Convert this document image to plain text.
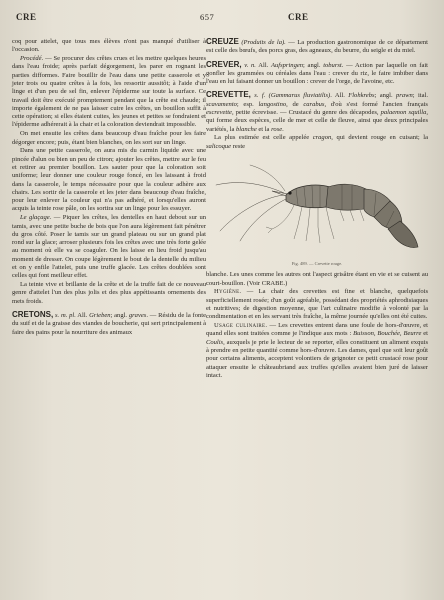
CRE	657	CRE

coq pour attelet, que tous mes élèves n'ont pas manqué d'utiliser à l'occasion.

Procédé. — Se procurer des crêtes crues et les mettre quelques heures dans l'eau froide; après parfait dégorgement, les parer en rognant les parties difformes. Faire bouillir de l'eau dans une petite casserole et y jeter trois ou quatre crêtes à la fois, les ressortir aussitôt; à l'aide d'un linge et d'un peu de sel fin, enlever l'épiderme sur toute la surface. Ce travail doit être exécuté promptement pendant que la crête est chaude; il importe également de ne pas laisser cuire les crêtes, un bouillon suffit à cette opération; si elles étaient cuites, les jeunes et petites se fondraient et l'épiderme adhérerait à la chair et la coloration deviendrait impossible.

On met ensuite les crêtes dans beaucoup d'eau fraîche pour les faire dégorger encore; puis, étant bien blanches, on les sort sur un linge.

Dans une petite casserole, on aura mis du carmin liquide avec une pincée d'alun ou bien un peu de citron; ajouter les crêtes, mettre sur le feu et retirer au premier bouillon. Les sauter pour que la coloration soit uniforme; leur donner une couleur rouge foncé, en les laissant à froid dans la casserole, le temps nécessaire pour que la couleur adhère aux chairs. Les sortir de la casserole et les jeter dans beaucoup d'eau fraîche, pour leur enlever la couleur qui n'a pas adhéré, et lorsqu'elles auront acquis la teinte rose pâle, on les sortira sur un linge pour les essuyer.

Le glaçage. — Piquer les crêtes, les dentelles en haut debout sur un tamis, avec une petite buche de bois que l'on aura légèrement fait pénétrer du gros côté. Poser le tamis sur un grand plateau ou sur un grand plat rond sur la glace; arroser plusieurs fois les crêtes avec une très forte gelée au moment où elle va se coaguler. On les laisse en lieu froid jusqu'au moment de dresser. On coupe légèrement le bout de la dentelle du milieu et on y enfile l'attelet, puis une truffe glacée. Les crêtes doublées sont celles qui font meilleur effet.

La teinte vive et brillante de la crête et de la truffe fait de ce nouveau genre d'attelet l'un des plus jolis et des plus appétissants ornements des mets froids.

CRETONS, s. m. pl. All. Grieben; angl. graves. — Résidu de la fonte du suif et de la graisse des viandes de boucherie, qui sert principalement à faire des pains pour la nourriture des animaux

CREUZE (Produits de la). — La production gastronomique de ce département est celle des bœufs, des porcs gras, des agneaux, du beurre, du seigle et du miel.

CREVER, v. n. All. Aufspringen; angl. toburst. — Action par laquelle on fait gonfler les grammées ou céréales dans l'eau : crever du riz, le faire imbiber dans l'eau en lui faisant donner un bouillon : crever de l'orge, de l'avoine, etc.

CREVETTE, s. f. (Gammarus fluviatilis). All. Flohkrebs; angl. prawn; ital. scavamento; esp. langostino, de carabus, d'où s'est formé l'ancien français escrevette, petite écrevisse. — Crustacé du genre des décapodes, palaemon squilla, qui forme deux espèces, celle de mer et celle de fleuve, ainsi que deux principales variétés, la blanche et la rose.

La plus estimée est celle appelée cragon, qui devient rouge en cuisant; la salicoque reste

Fig. 489. — Crevette rouge.

blanche. Les unes comme les autres ont l'aspect grisâtre étant en vie et se cuisent au court-bouillon. (Voir CRABE.)

Hygiène. — La chair des crevettes est fine et blanche, quelquefois superficiellement rosée; d'un goût agréable, possédant des propriétés aphrodisiaques et nutritives; de digestion moyenne, que l'art culinaire modifie à volonté par la condimentation et en les servant très fraîche, la même journée qu'elles ont été cuites.

Usage culinaire. — Les crevettes entrent dans une foule de hors-d'œuvre, et quand elles sont traitées comme je l'indique aux mots : Buisson, Bouchée, Beurre et Coulis, auxquels je prie le lecteur de se reporter, elles constituent un aliment exquis à prendre en petite quantité comme hors-d'œuvre. Les dames, quel que soit leur goût pour certains aliments, acceptent volontiers de grignoter ce petit crustacé rose pour attaquer ensuite le châteaubriand aux truffes qu'elles avaient bien juré de laisser intact.
